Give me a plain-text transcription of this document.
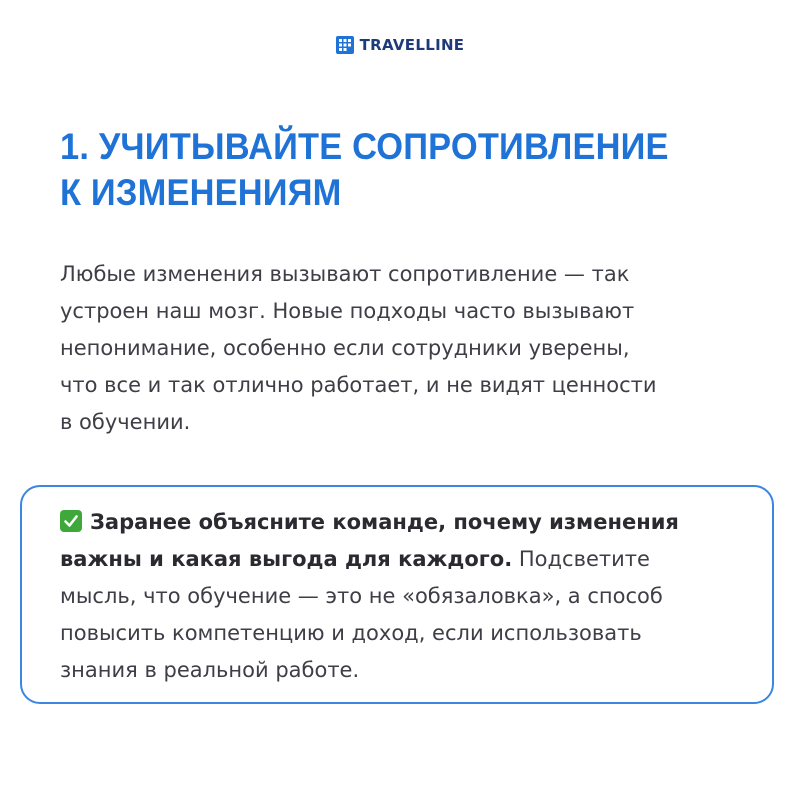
TRAVELLINE
1. УЧИТЫВАЙТЕ СОПРОТИВЛЕНИЕ
К ИЗМЕНЕНИЯМ

Любые изменения вызывают сопротивление — так
устроен наш мозг. Новые подходы часто вызывают
непонимание, особенно если сотрудники уверены,
что все и так отлично работает, и не видят ценности
в обучении.

Заранее объясните команде, почему изменения
важны и какая выгода для каждого. Подсветите
мысль, что обучение — это не «обязаловка», а способ
повысить компетенцию и доход, если использовать
знания в реальной работе.
